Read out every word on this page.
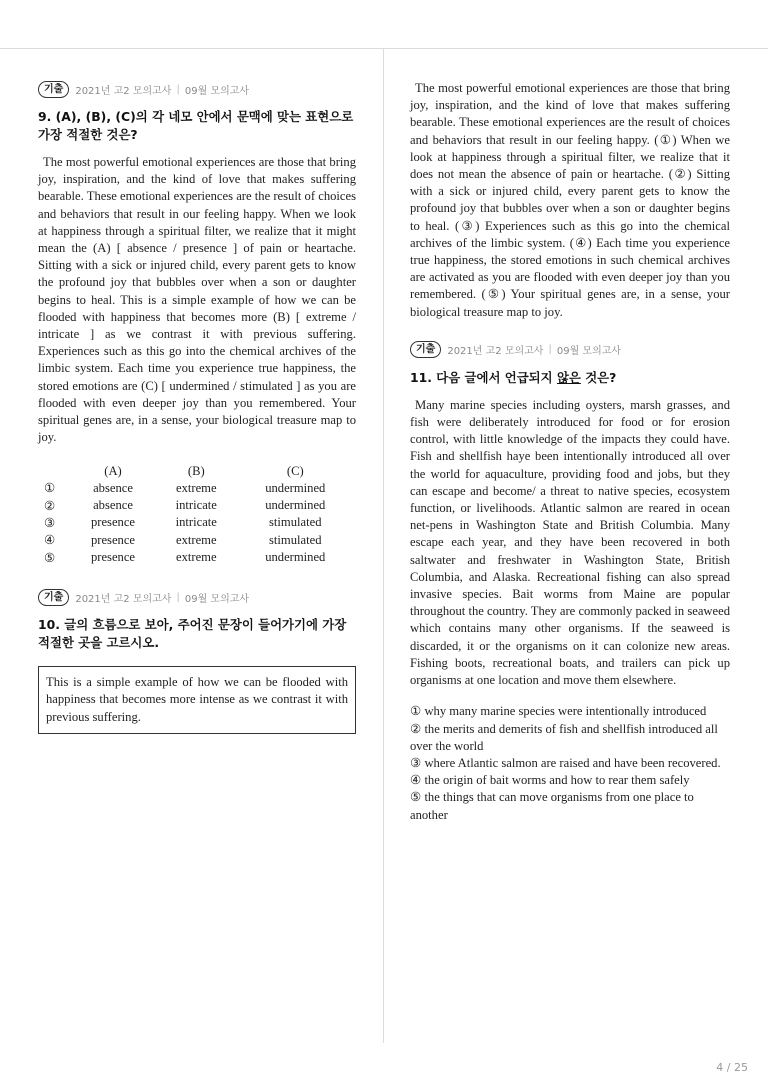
기출	2021년 고2 모의고사 | 09월 모의고사

9. (A), (B), (C)의 각 네모 안에서 문맥에 맞는 표현으로 가장 적절한 것은?

The most powerful emotional experiences are those that bring joy, inspiration, and the kind of love that makes suffering bearable. These emotional experiences are the result of choices and behaviors that result in our feeling happy. When we look at happiness through a spiritual filter, we realize that it might mean the (A) [ absence / presence ] of pain or heartache. Sitting with a sick or injured child, every parent gets to know the profound joy that bubbles over when a son or daughter begins to heal. This is a simple example of how we can be flooded with happiness that becomes more (B) [ extreme / intricate ] as we contrast it with previous suffering. Experiences such as this go into the chemical archives of the limbic system. Each time you experience true happiness, the stored emotions are (C) [ undermined / stimulated ] as you are flooded with even deeper joy than you remembered. Your spiritual genes are, in a sense, your biological treasure map to joy.

	(A)	(B)	(C)
①	absence	extreme	undermined
②	absence	intricate	undermined
③	presence	intricate	stimulated
④	presence	extreme	stimulated
⑤	presence	extreme	undermined
기출	2021년 고2 모의고사 | 09월 모의고사

10. 글의 흐름으로 보아, 주어진 문장이 들어가기에 가장 적절한 곳을 고르시오.

This is a simple example of how we can be flooded with happiness that becomes more intense as we contrast it with previous suffering.

The most powerful emotional experiences are those that bring joy, inspiration, and the kind of love that makes suffering bearable. These emotional experiences are the result of choices and behaviors that result in our feeling happy. (①) When we look at happiness through a spiritual filter, we realize that it does not mean the absence of pain or heartache. (②) Sitting with a sick or injured child, every parent gets to know the profound joy that bubbles over when a son or daughter begins to heal. (③) Experiences such as this go into the chemical archives of the limbic system. (④) Each time you experience true happiness, the stored emotions in such chemical archives are activated as you are flooded with even deeper joy than you remembered. (⑤) Your spiritual genes are, in a sense, your biological treasure map to joy.

기출	2021년 고2 모의고사 | 09월 모의고사

11. 다음 글에서 언급되지 않은 것은?

Many marine species including oysters, marsh grasses, and fish were deliberately introduced for food or for erosion control, with little knowledge of the impacts they could have. Fish and shellfish haye been intentionally introduced all over the world for aquaculture, providing food and jobs, but they can escape and become/ a threat to native species, ecosystem function, or livelihoods. Atlantic salmon are reared in ocean net-pens in Washington State and British Columbia. Many escape each year, and they have been recovered in both saltwater and freshwater in Washington State, British Columbia, and Alaska. Recreational fishing can also spread invasive species. Bait worms from Maine are popular throughout the country. They are commonly packed in seaweed which contains many other organisms. If the seaweed is discarded, it or the organisms on it can colonize new areas. Fishing boots, recreational boats, and trailers can pick up organisms at one location and move them elsewhere.

① why many marine species were intentionally introduced
② the merits and demerits of fish and shellfish introduced all over the world
③ where Atlantic salmon are raised and have been recovered.
④ the origin of bait worms and how to rear them safely
⑤ the things that can move organisms from one place to another
4 / 25
